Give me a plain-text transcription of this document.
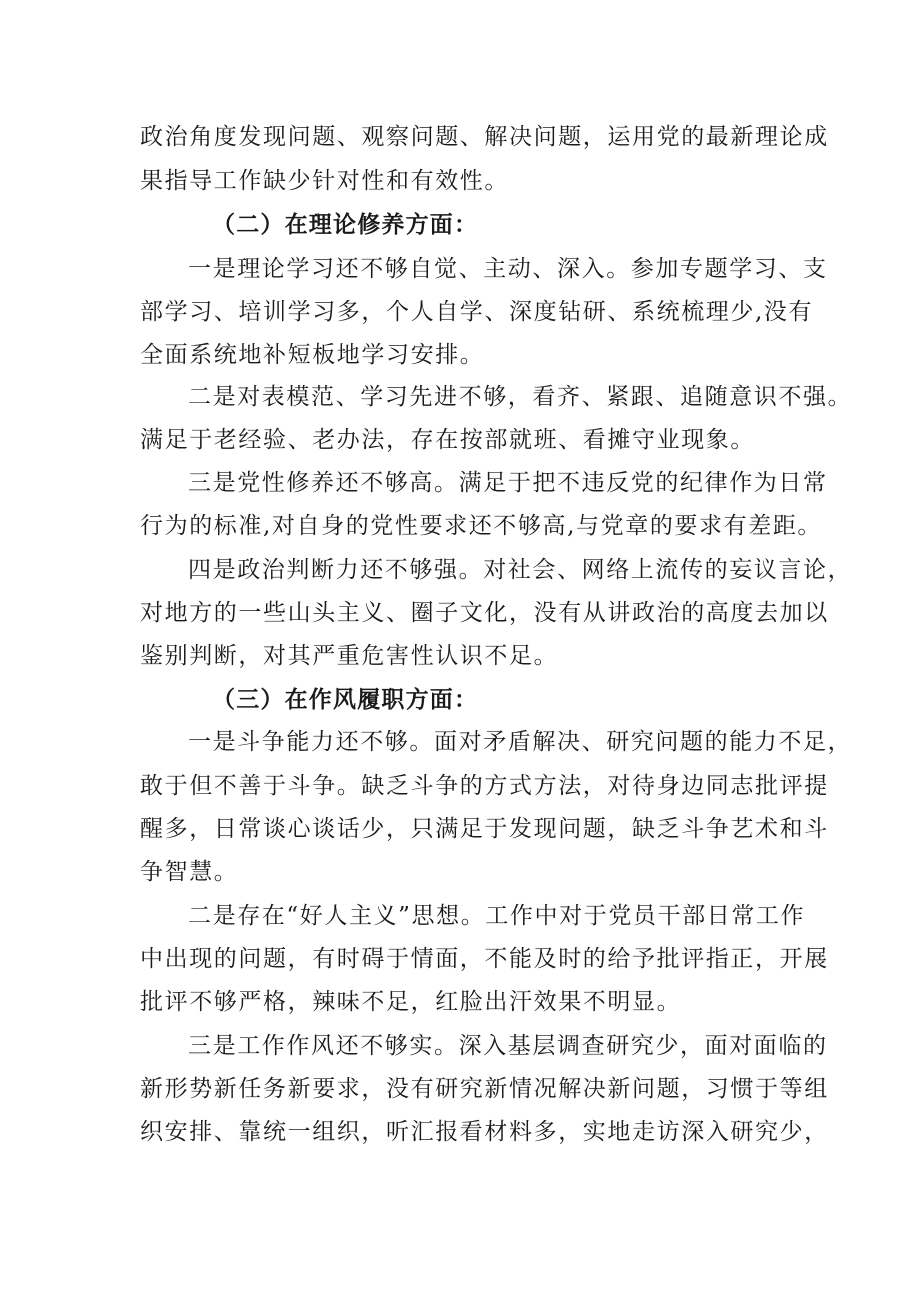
政治角度发现问题、观察问题、解决问题，运用党的最新理论成

果指导工作缺少针对性和有效性。

（二）在理论修养方面：

一是理论学习还不够自觉、主动、深入。参加专题学习、支

部学习、培训学习多，个人自学、深度钻研、系统梳理少,没有

全面系统地补短板地学习安排。

二是对表模范、学习先进不够，看齐、紧跟、追随意识不强。

满足于老经验、老办法，存在按部就班、看摊守业现象。

三是党性修养还不够高。满足于把不违反党的纪律作为日常

行为的标准,对自身的党性要求还不够高,与党章的要求有差距。

四是政治判断力还不够强。对社会、网络上流传的妄议言论，

对地方的一些山头主义、圈子文化，没有从讲政治的高度去加以

鉴别判断，对其严重危害性认识不足。

（三）在作风履职方面：

一是斗争能力还不够。面对矛盾解决、研究问题的能力不足，

敢于但不善于斗争。缺乏斗争的方式方法，对待身边同志批评提

醒多，日常谈心谈话少，只满足于发现问题，缺乏斗争艺术和斗

争智慧。

二是存在“好人主义”思想。工作中对于党员干部日常工作

中出现的问题，有时碍于情面，不能及时的给予批评指正，开展

批评不够严格，辣味不足，红脸出汗效果不明显。

三是工作作风还不够实。深入基层调查研究少，面对面临的

新形势新任务新要求，没有研究新情况解决新问题，习惯于等组

织安排、靠统一组织，听汇报看材料多，实地走访深入研究少，
